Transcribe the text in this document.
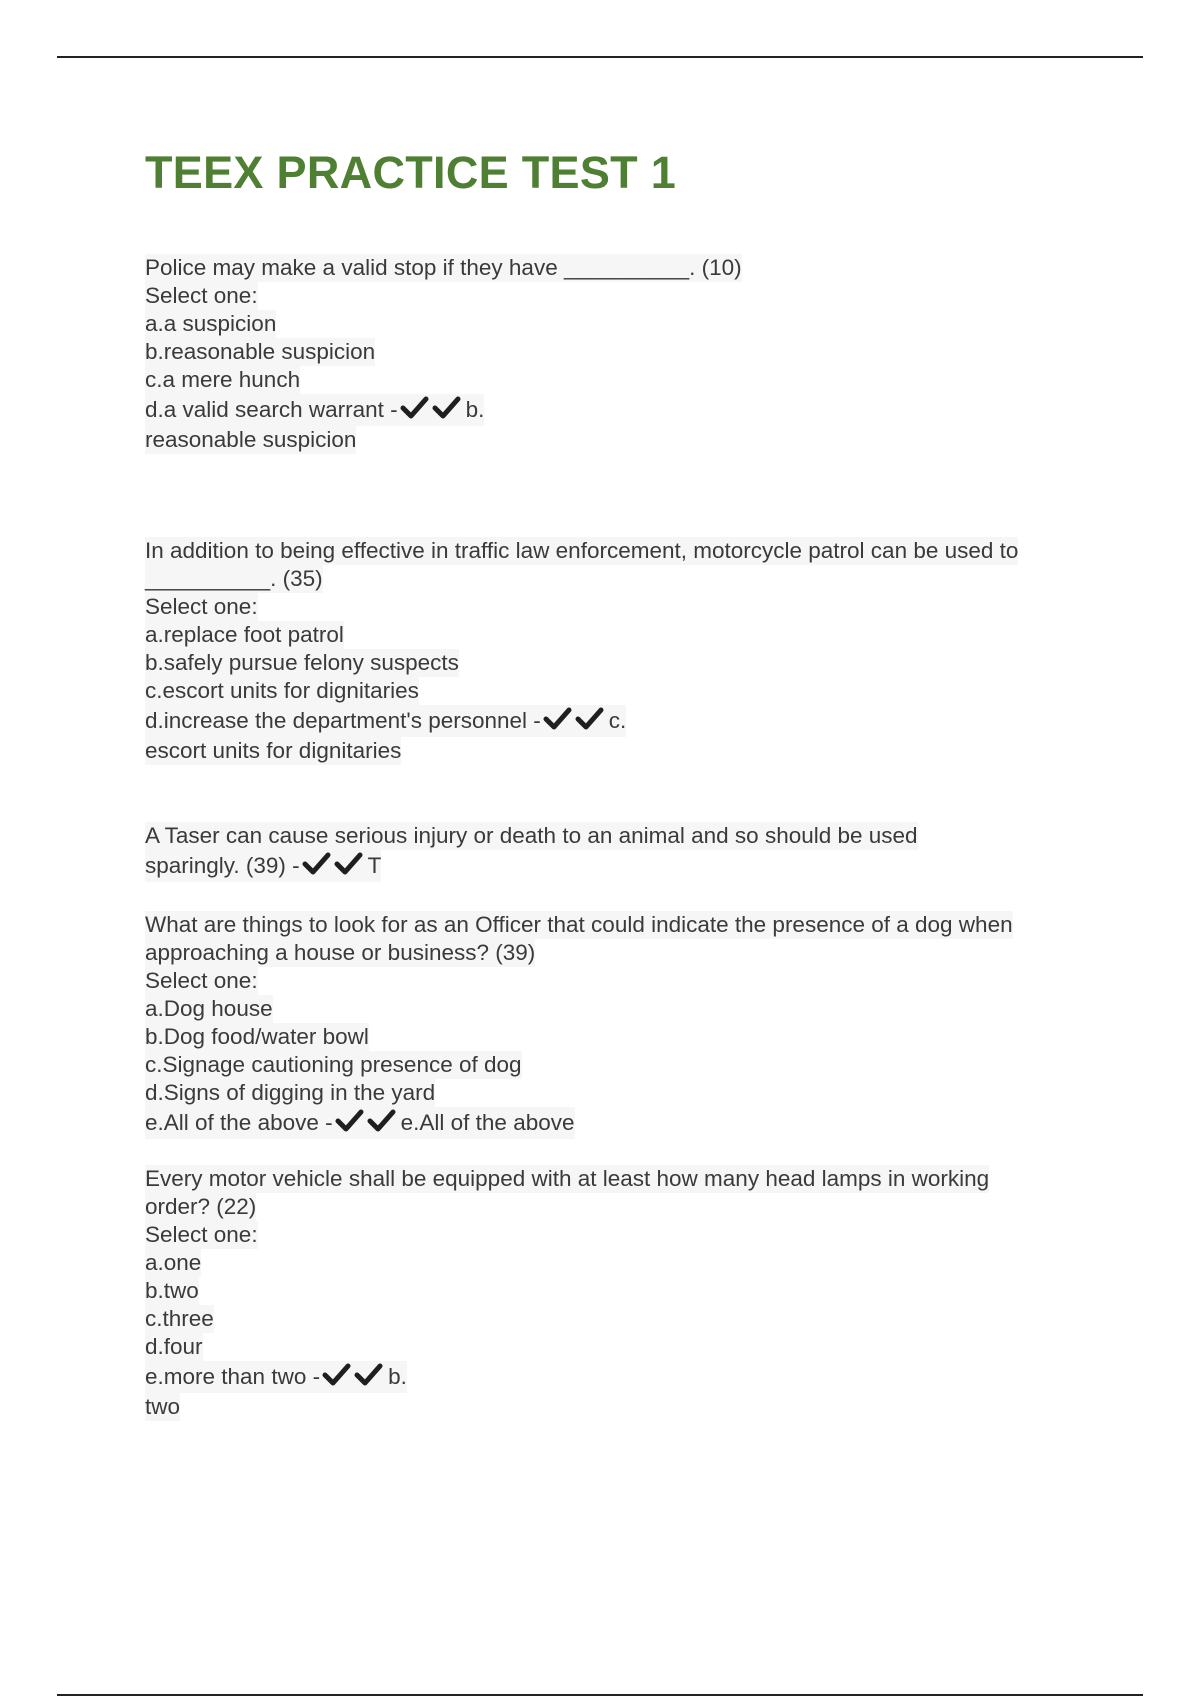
TEEX PRACTICE TEST 1
Police may make a valid stop if they have __________. (10)
Select one:
a.a suspicion
b.reasonable suspicion
c.a mere hunch
d.a valid search warrant -	b.
reasonable suspicion
In addition to being effective in traffic law enforcement, motorcycle patrol can be used to
__________. (35)
Select one:
a.replace foot patrol
b.safely pursue felony suspects
c.escort units for dignitaries
d.increase the department's personnel -	c.
escort units for dignitaries
A Taser can cause serious injury or death to an animal and so should be used
sparingly. (39) -	T
What are things to look for as an Officer that could indicate the presence of a dog when
approaching a house or business? (39)
Select one:
a.Dog house
b.Dog food/water bowl
c.Signage cautioning presence of dog
d.Signs of digging in the yard
e.All of the above -	e.All of the above
Every motor vehicle shall be equipped with at least how many head lamps in working
order? (22)
Select one:
a.one
b.two
c.three
d.four
e.more than two -	b.
two
